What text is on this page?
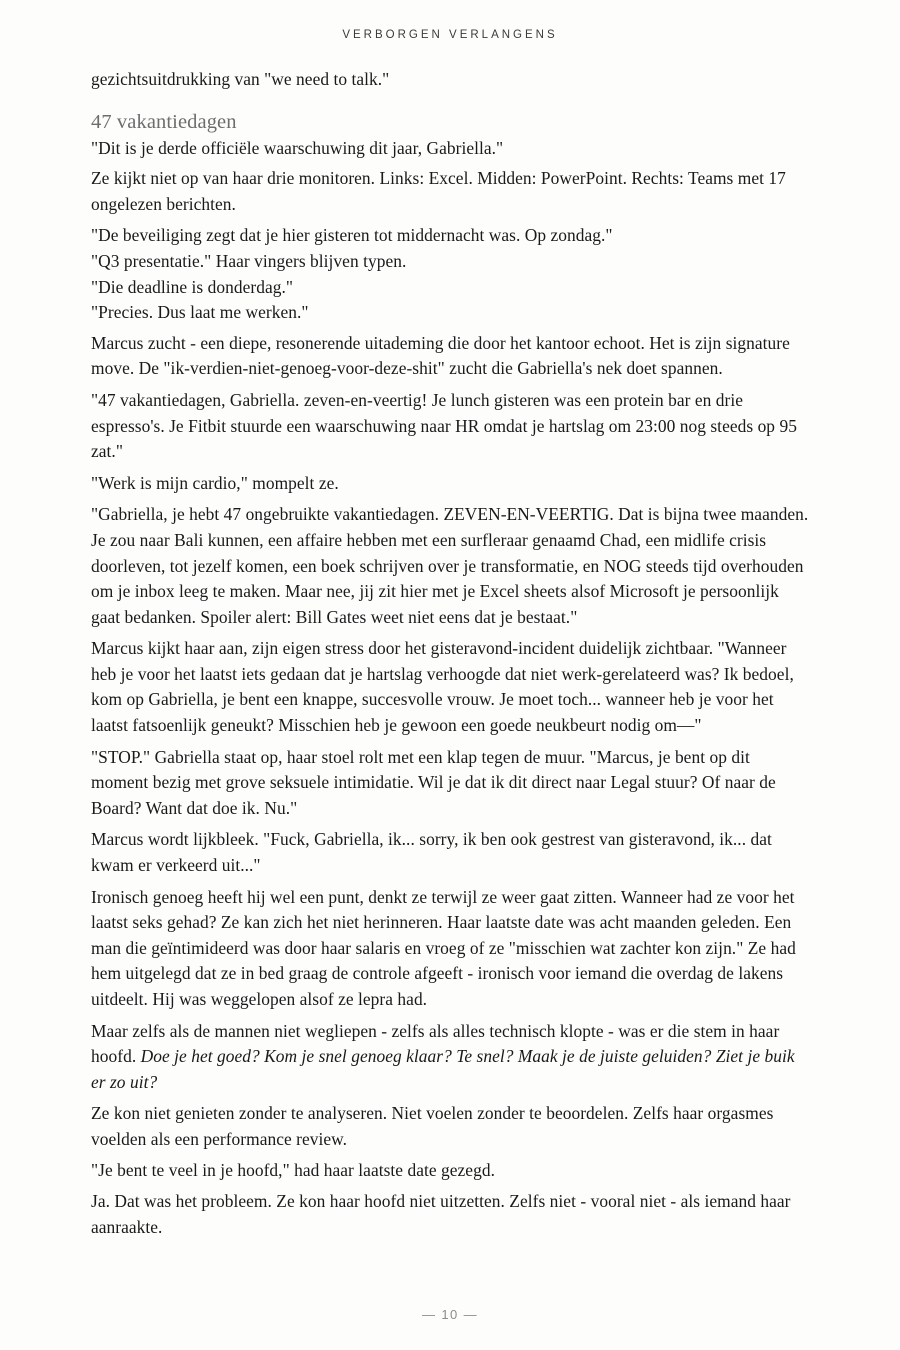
VERBORGEN VERLANGENS

gezichtsuitdrukking van "we need to talk."

47 vakantiedagen

"Dit is je derde officiële waarschuwing dit jaar, Gabriella."

Ze kijkt niet op van haar drie monitoren. Links: Excel. Midden: PowerPoint. Rechts: Teams met 17 ongelezen berichten.

"De beveiliging zegt dat je hier gisteren tot middernacht was. Op zondag."

"Q3 presentatie." Haar vingers blijven typen.

"Die deadline is donderdag."

"Precies. Dus laat me werken."

Marcus zucht - een diepe, resonerende uitademing die door het kantoor echoot. Het is zijn signature move. De "ik-verdien-niet-genoeg-voor-deze-shit" zucht die Gabriella's nek doet spannen.

"47 vakantiedagen, Gabriella. zeven-en-veertig! Je lunch gisteren was een protein bar en drie espresso's. Je Fitbit stuurde een waarschuwing naar HR omdat je hartslag om 23:00 nog steeds op 95 zat."

"Werk is mijn cardio," mompelt ze.

"Gabriella, je hebt 47 ongebruikte vakantiedagen. ZEVEN-EN-VEERTIG. Dat is bijna twee maanden. Je zou naar Bali kunnen, een affaire hebben met een surfleraar genaamd Chad, een midlife crisis doorleven, tot jezelf komen, een boek schrijven over je transformatie, en NOG steeds tijd overhouden om je inbox leeg te maken. Maar nee, jij zit hier met je Excel sheets alsof Microsoft je persoonlijk gaat bedanken. Spoiler alert: Bill Gates weet niet eens dat je bestaat."

Marcus kijkt haar aan, zijn eigen stress door het gisteravond-incident duidelijk zichtbaar. "Wanneer heb je voor het laatst iets gedaan dat je hartslag verhoogde dat niet werk-gerelateerd was? Ik bedoel, kom op Gabriella, je bent een knappe, succesvolle vrouw. Je moet toch... wanneer heb je voor het laatst fatsoenlijk geneukt? Misschien heb je gewoon een goede neukbeurt nodig om—"

"STOP." Gabriella staat op, haar stoel rolt met een klap tegen de muur. "Marcus, je bent op dit moment bezig met grove seksuele intimidatie. Wil je dat ik dit direct naar Legal stuur? Of naar de Board? Want dat doe ik. Nu."

Marcus wordt lijkbleek. "Fuck, Gabriella, ik... sorry, ik ben ook gestrest van gisteravond, ik... dat kwam er verkeerd uit..."

Ironisch genoeg heeft hij wel een punt, denkt ze terwijl ze weer gaat zitten. Wanneer had ze voor het laatst seks gehad? Ze kan zich het niet herinneren. Haar laatste date was acht maanden geleden. Een man die geïntimideerd was door haar salaris en vroeg of ze "misschien wat zachter kon zijn." Ze had hem uitgelegd dat ze in bed graag de controle afgeeft - ironisch voor iemand die overdag de lakens uitdeelt. Hij was weggelopen alsof ze lepra had.

Maar zelfs als de mannen niet wegliepen - zelfs als alles technisch klopte - was er die stem in haar hoofd. Doe je het goed? Kom je snel genoeg klaar? Te snel? Maak je de juiste geluiden? Ziet je buik er zo uit?

Ze kon niet genieten zonder te analyseren. Niet voelen zonder te beoordelen. Zelfs haar orgasmes voelden als een performance review.

"Je bent te veel in je hoofd," had haar laatste date gezegd.

Ja. Dat was het probleem. Ze kon haar hoofd niet uitzetten. Zelfs niet - vooral niet - als iemand haar aanraakte.

— 10 —
